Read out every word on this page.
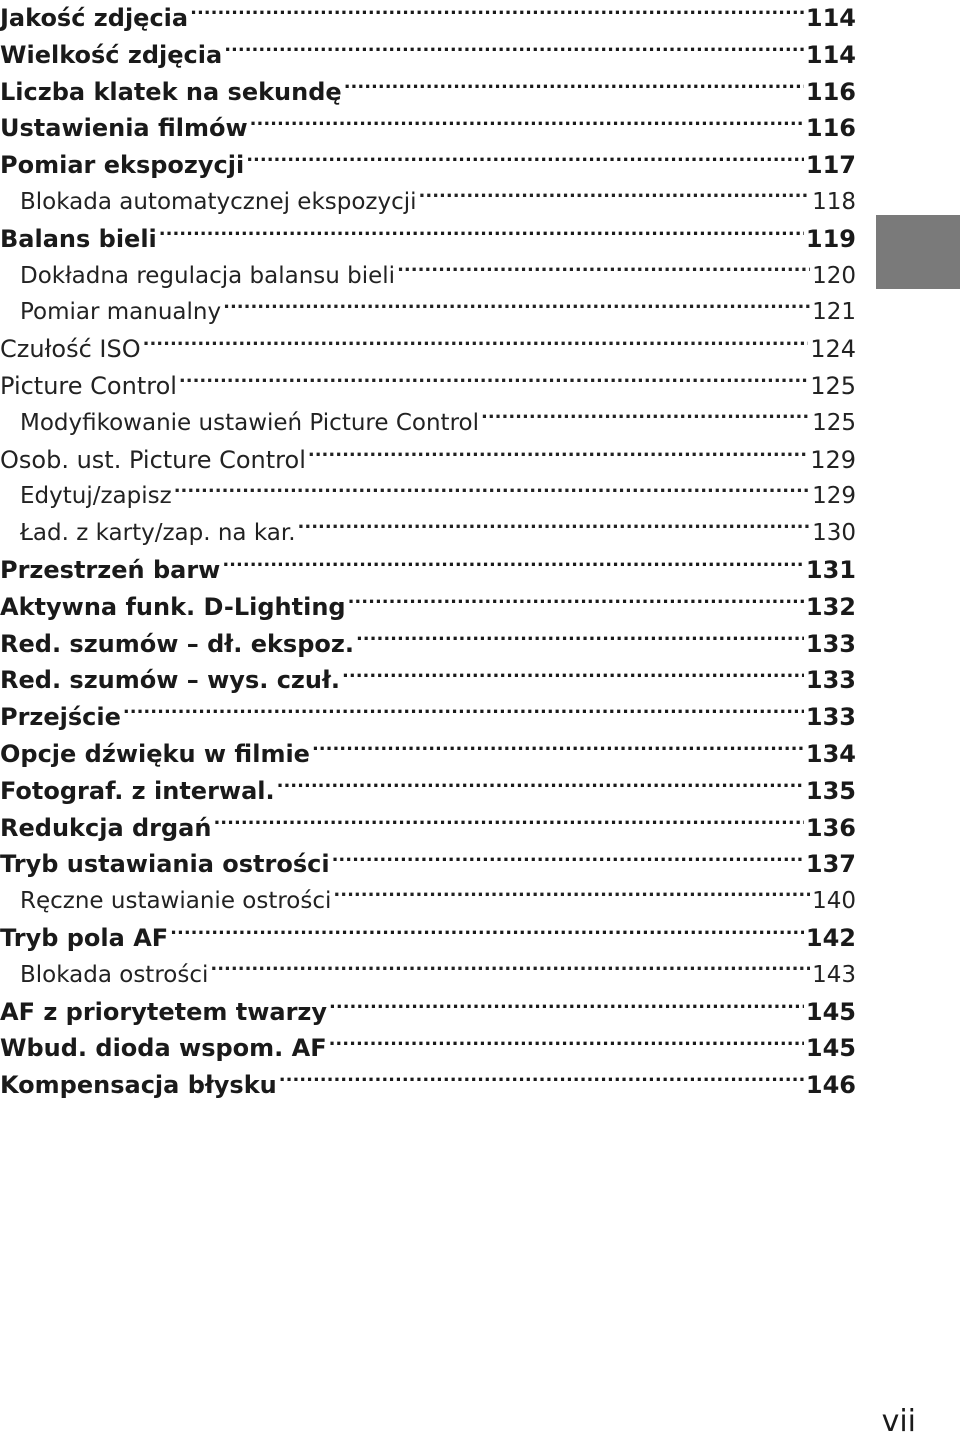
Jakość zdjęcia .....	114
Wielkość zdjęcia .....	114
Liczba klatek na sekundę .....	116
Ustawienia filmów .....	116
Pomiar ekspozycji .....	117
Blokada automatycznej ekspozycji .....	118
Balans bieli .....	119
Dokładna regulacja balansu bieli .....	120
Pomiar manualny .....	121
Czułość ISO .....	124
Picture Control .....	125
Modyfikowanie ustawień Picture Control .....	125
Osob. ust. Picture Control .....	129
Edytuj/zapisz .....	129
Ład. z karty/zap. na kar. .....	130
Przestrzeń barw .....	131
Aktywna funk. D-Lighting .....	132
Red. szumów – dł. ekspoz. .....	133
Red. szumów – wys. czuł. .....	133
Przejście .....	133
Opcje dźwięku w filmie .....	134
Fotograf. z interwal. .....	135
Redukcja drgań .....	136
Tryb ustawiania ostrości .....	137
Ręczne ustawianie ostrości .....	140
Tryb pola AF .....	142
Blokada ostrości .....	143
AF z priorytetem twarzy .....	145
Wbud. dioda wspom. AF .....	145
Kompensacja błysku .....	146
vii
